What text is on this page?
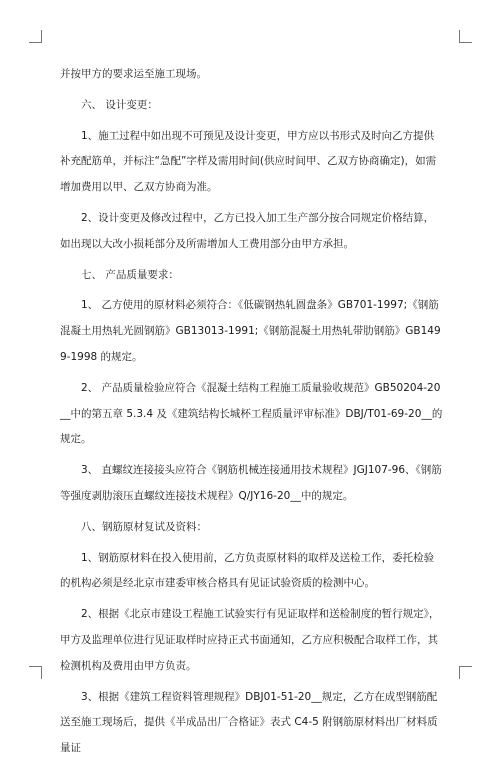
并按甲方的要求运至施工现场。

六、 设计变更：

1、施工过程中如出现不可预见及设计变更，甲方应以书形式及时向乙方提供补充配筋单，并标注“急配”字样及需用时间(供应时间甲、乙双方协商确定)，如需增加费用以甲、乙双方协商为准。

2、设计变更及修改过程中，乙方已投入加工生产部分按合同规定价格结算，如出现以大改小损耗部分及所需增加人工费用部分由甲方承担。

七、 产品质量要求：

1、 乙方使用的原材料必须符合：《低碳钢热轧圆盘条》GB701-1997;《钢筋混凝土用热轧光圆钢筋》GB13013-1991;《钢筋混凝土用热轧带肋钢筋》GB1499-1998 的规定。

2、 产品质量检验应符合《混凝土结构工程施工质量验收规范》GB50204-20__中的第五章 5.3.4 及《建筑结构长城杯工程质量评审标准》DBJ/T01-69-20__的规定。

3、 直螺纹连接接头应符合《钢筋机械连接通用技术规程》JGJ107-96、《钢筋等强度剥肋滚压直螺纹连接技术规程》Q/JY16-20__中的规定。

八、钢筋原材复试及资料：

1、钢筋原材料在投入使用前，乙方负责原材料的取样及送检工作，委托检验的机构必须是经北京市建委审核合格具有见证试验资质的检测中心。

2、根据《北京市建设工程施工试验实行有见证取样和送检制度的暂行规定》，甲方及监理单位进行见证取样时应持正式书面通知，乙方应积极配合取样工作，其检测机构及费用由甲方负责。

3、根据《建筑工程资料管理规程》DBJ01-51-20__规定，乙方在成型钢筋配送至施工现场后，提供《半成品出厂合格证》表式 C4-5 附钢筋原材料出厂材料质量证
